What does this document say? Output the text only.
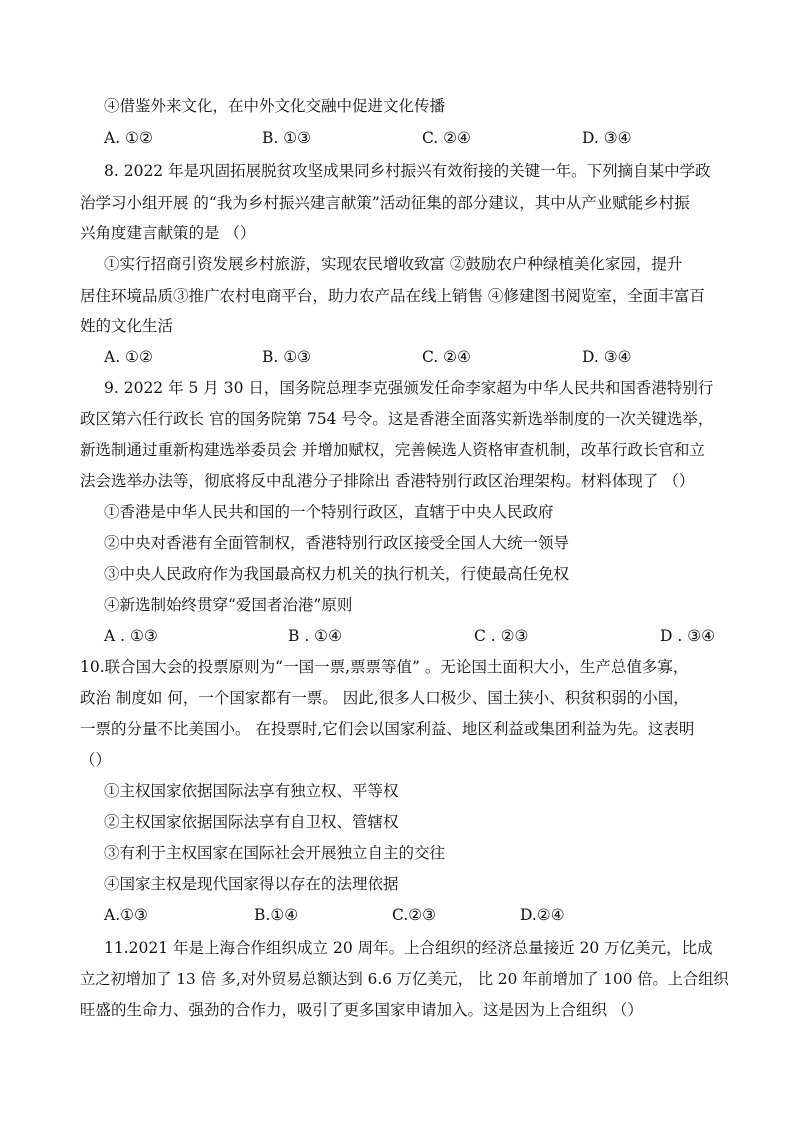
④借鉴外来文化，在中外文化交融中促进文化传播
A. ①②	B. ①③	C. ②④	D. ③④
8. 2022 年是巩固拓展脱贫攻坚成果同乡村振兴有效衔接的关键一年。下列摘自某中学政
治学习小组开展 的“我为乡村振兴建言献策”活动征集的部分建议，其中从产业赋能乡村振
兴角度建言献策的是 （）
①实行招商引资发展乡村旅游，实现农民增收致富 ②鼓励农户种绿植美化家园，提升
居住环境品质③推广农村电商平台，助力农产品在线上销售 ④修建图书阅览室，全面丰富百
姓的文化生活
A. ①②	B. ①③	C. ②④	D. ③④
9. 2022 年 5 月 30 日，国务院总理李克强颁发任命李家超为中华人民共和国香港特别行
政区第六任行政长 官的国务院第 754 号令。这是香港全面落实新选举制度的一次关键选举，
新选制通过重新构建选举委员会 并增加赋权，完善候选人资格审查机制，改革行政长官和立
法会选举办法等，彻底将反中乱港分子排除出 香港特别行政区治理架构。材料体现了 （）
①香港是中华人民共和国的一个特别行政区，直辖于中央人民政府
②中央对香港有全面管制权，香港特别行政区接受全国人大统一领导
③中央人民政府作为我国最高权力机关的执行机关，行使最高任免权
④新选制始终贯穿“爱国者治港”原则
A . ①③	B . ①④	C . ②③	D . ③④
10.联合国大会的投票原则为“一国一票,票票等值” 。无论国土面积大小，生产总值多寡，
政治 制度如 何，一个国家都有一票。 因此,很多人口极少、国土狭小、积贫积弱的小国，
一票的分量不比美国小。 在投票时,它们会以国家利益、地区利益或集团利益为先。这表明
（）
①主权国家依据国际法享有独立权、平等权
②主权国家依据国际法享有自卫权、管辖权
③有利于主权国家在国际社会开展独立自主的交往
④国家主权是现代国家得以存在的法理依据
A.①③	B.①④	C.②③	D.②④
11.2021 年是上海合作组织成立 20 周年。上合组织的经济总量接近 20 万亿美元，比成
立之初增加了 13 倍 多,对外贸易总额达到 6.6 万亿美元， 比 20 年前增加了 100 倍。上合组织
旺盛的生命力、强劲的合作力，吸引了更多国家申请加入。这是因为上合组织 （）
